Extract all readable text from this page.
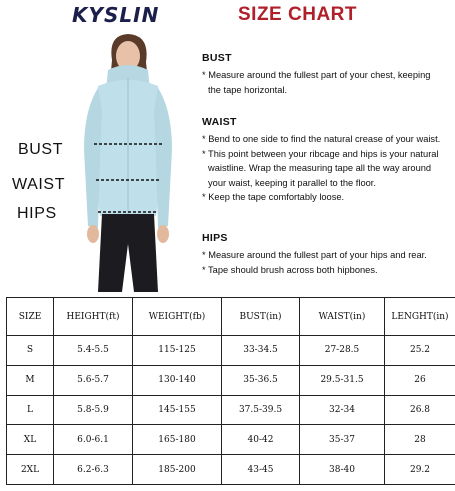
KYSLIN	SIZE CHART
BUST
WAIST
HIPS
BUST
* Measure around the fullest part of your chest, keeping
the tape horizontal.
WAIST
* Bend to one side to find the natural crease of your waist.
* This point between your ribcage and hips is your natural
waistline. Wrap the measuring tape all the way around
your waist, keeping it parallel to the floor.
* Keep the tape comfortably loose.
HIPS
* Measure around the fullest part of your hips and rear.
* Tape should brush across both hipbones.
SIZE	HEIGHT(ft)	WEIGHT(fb)	BUST(in)	WAIST(in)	LENGHT(in)
S	5.4-5.5	115-125	33-34.5	27-28.5	25.2
M	5.6-5.7	130-140	35-36.5	29.5-31.5	26
L	5.8-5.9	145-155	37.5-39.5	32-34	26.8
XL	6.0-6.1	165-180	40-42	35-37	28
2XL	6.2-6.3	185-200	43-45	38-40	29.2
